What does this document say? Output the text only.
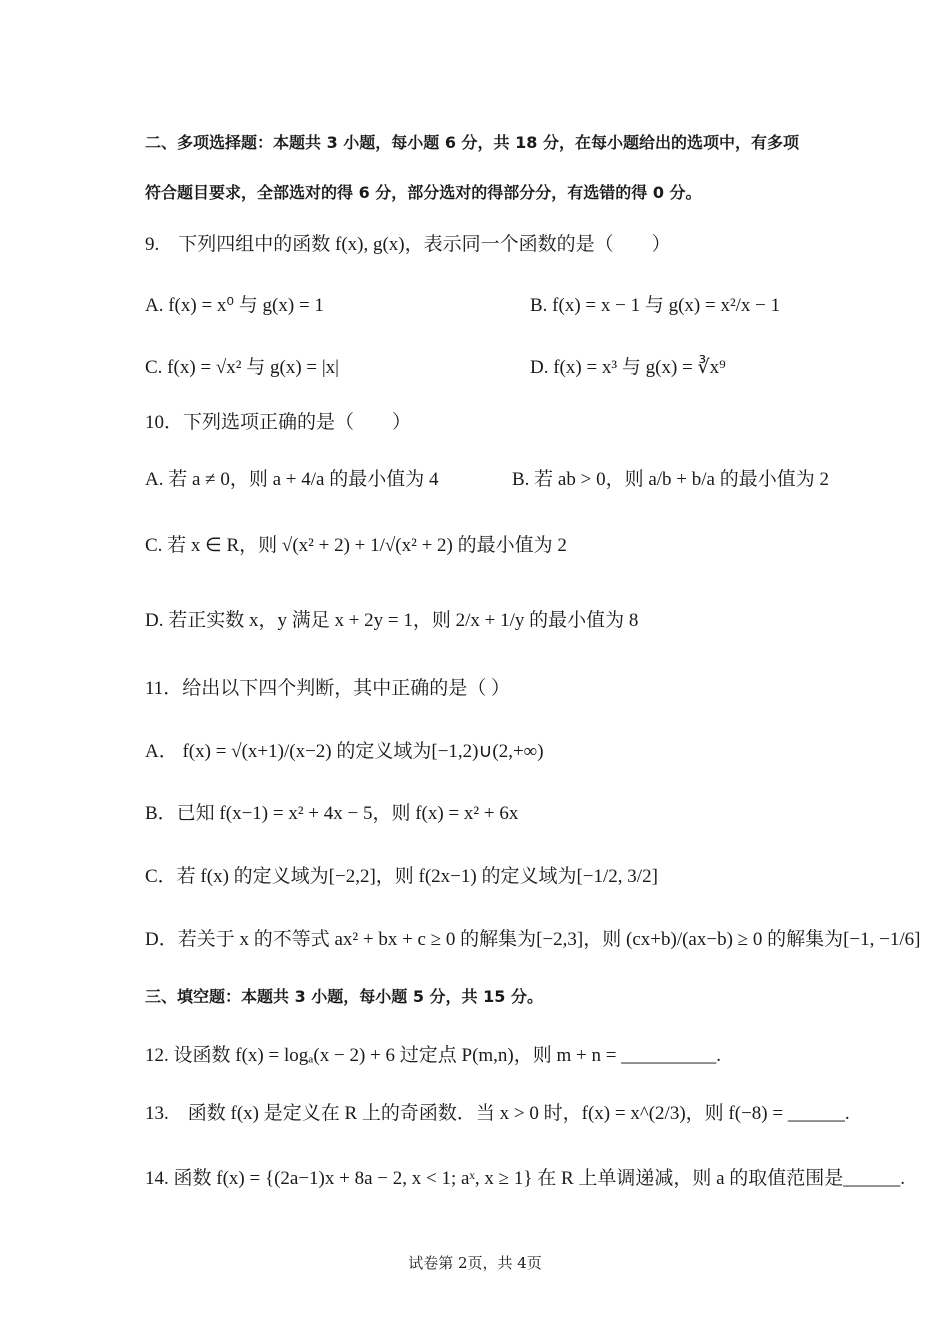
二、多项选择题：本题共 3 小题，每小题 6 分，共 18 分，在每小题给出的选项中，有多项
符合题目要求，全部选对的得 6 分，部分选对的得部分分，有选错的得 0 分。
9.　下列四组中的函数 f(x), g(x)，表示同一个函数的是（　　）
A. f(x) = x⁰ 与 g(x) = 1	B. f(x) = x − 1 与 g(x) = x²/x − 1
C. f(x) = √x² 与 g(x) = |x|	D. f(x) = x³ 与 g(x) = ∛x⁹
10．下列选项正确的是（　　）
A. 若 a ≠ 0，则 a + 4/a 的最小值为 4	B. 若 ab > 0，则 a/b + b/a 的最小值为 2
C. 若 x ∈ R，则 √(x² + 2) + 1/√(x² + 2) 的最小值为 2
D. 若正实数 x，y 满足 x + 2y = 1，则 2/x + 1/y 的最小值为 8
11．给出以下四个判断，其中正确的是（ ）
A． f(x) = √(x+1)/(x−2) 的定义域为[−1,2)∪(2,+∞)
B．已知 f(x−1) = x² + 4x − 5，则 f(x) = x² + 6x
C．若 f(x) 的定义域为[−2,2]，则 f(2x−1) 的定义域为[−1/2, 3/2]
D．若关于 x 的不等式 ax² + bx + c ≥ 0 的解集为[−2,3]，则 (cx+b)/(ax−b) ≥ 0 的解集为[−1, −1/6]
三、填空题：本题共 3 小题，每小题 5 分，共 15 分。
12. 设函数 f(x) = logₐ(x − 2) + 6 过定点 P(m,n)，则 m + n = __________.
13.　函数 f(x) 是定义在 R 上的奇函数．当 x > 0 时，f(x) = x^(2/3)，则 f(−8) = ______.
14. 函数 f(x) = {(2a−1)x + 8a − 2, x < 1; aˣ, x ≥ 1} 在 R 上单调递减，则 a 的取值范围是______.
试卷第 2页，共 4页
